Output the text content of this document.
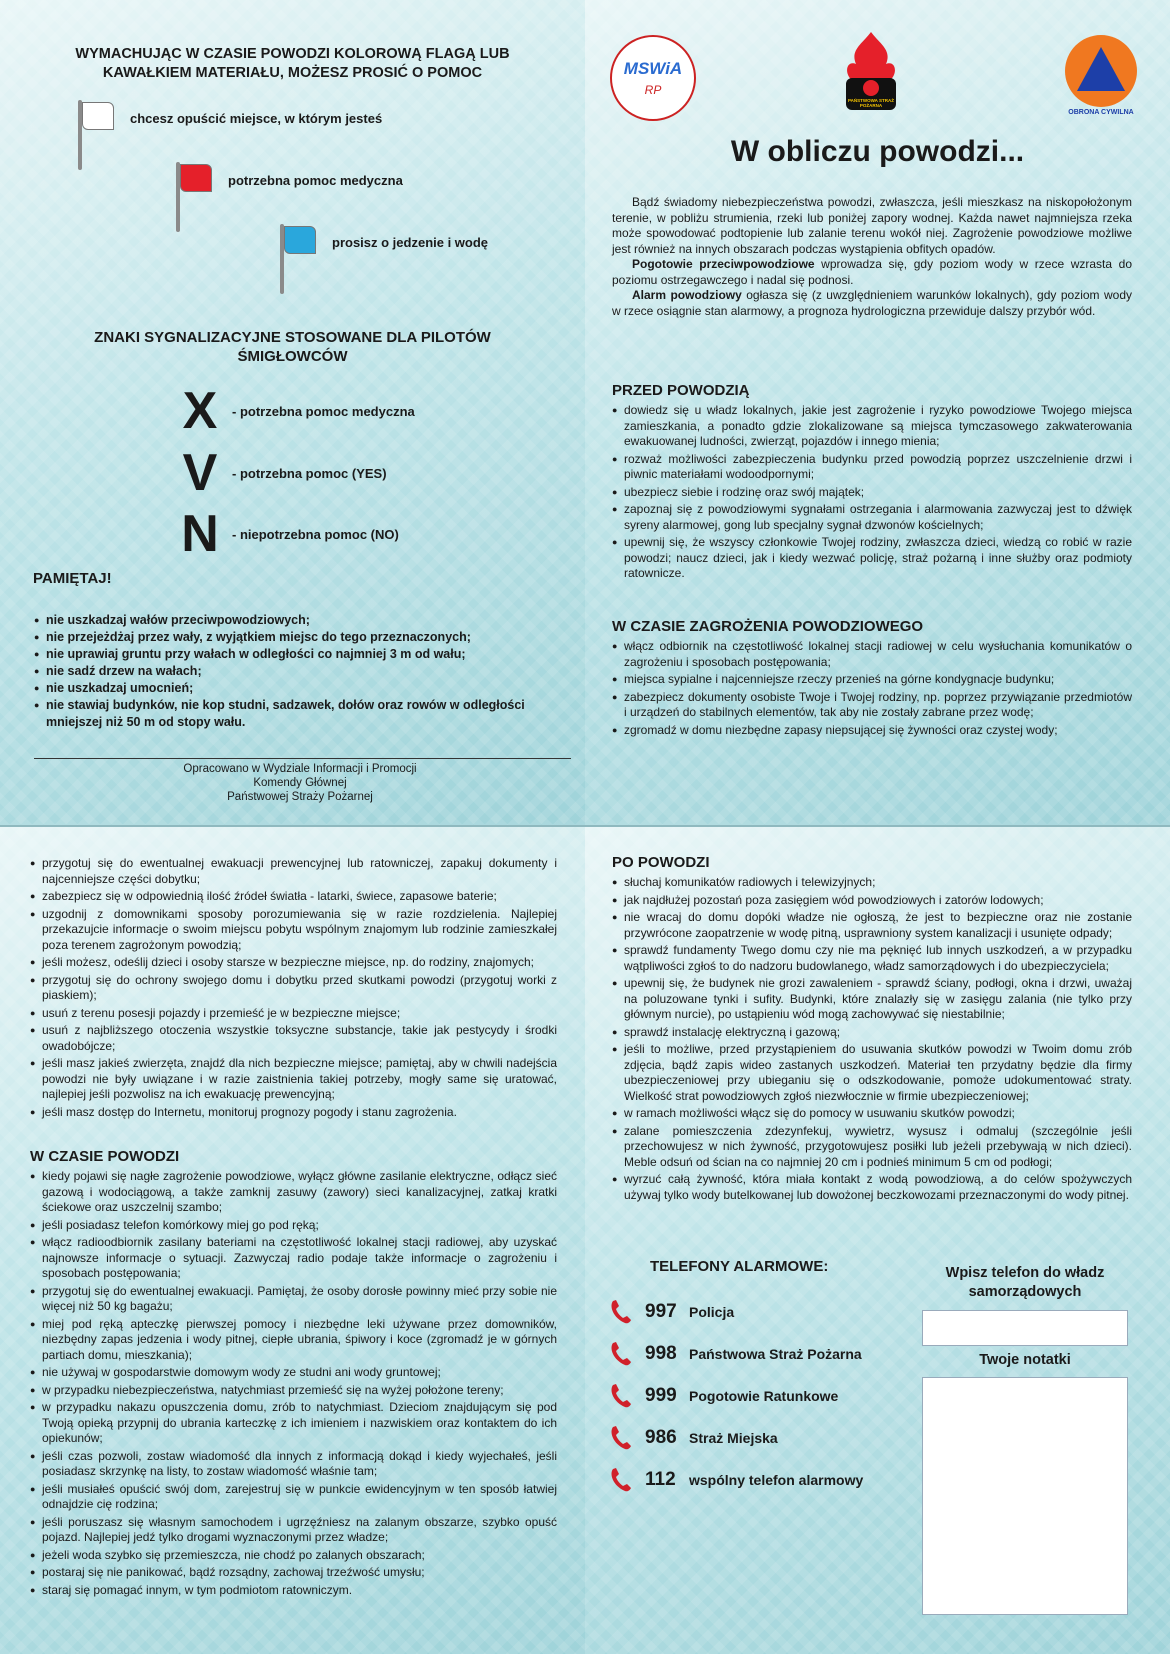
WYMACHUJĄC W CZASIE POWODZI KOLOROWĄ FLAGĄ LUB KAWAŁKIEM MATERIAŁU, MOŻESZ PROSIĆ O POMOC
chcesz opuścić miejsce, w którym jesteś
potrzebna pomoc medyczna
prosisz o jedzenie i wodę
ZNAKI SYGNALIZACYJNE STOSOWANE DLA PILOTÓW ŚMIGŁOWCÓW
X - potrzebna pomoc medyczna
V - potrzebna pomoc (YES)
N - niepotrzebna pomoc (NO)
PAMIĘTAJ!
● nie uszkadzaj wałów przeciwpowodziowych;
● nie przejeżdżaj przez wały, z wyjątkiem miejsc do tego przeznaczonych;
● nie uprawiaj gruntu przy wałach w odległości co najmniej 3 m od wału;
● nie sadź drzew na wałach;
● nie uszkadzaj umocnień;
● nie stawiaj budynków, nie kop studni, sadzawek, dołów oraz rowów w odległości mniejszej niż 50 m od stopy wału.
Opracowano w Wydziale Informacji i Promocji
Komendy Głównej
Państwowej Straży Pożarnej
MSWiA
RP
PAŃSTWOWA STRAŻ POŻARNA
OBRONA CYWILNA
W obliczu powodzi...

Bądź świadomy niebezpieczeństwa powodzi, zwłaszcza, jeśli mieszkasz na niskopołożonym terenie, w pobliżu strumienia, rzeki lub poniżej zapory wodnej. Każda nawet najmniejsza rzeka może spowodować podtopienie lub zalanie terenu wokół niej. Zagrożenie powodziowe możliwe jest również na innych obszarach podczas wystąpienia obfitych opadów.

Pogotowie przeciwpowodziowe wprowadza się, gdy poziom wody w rzece wzrasta do poziomu ostrzegawczego i nadal się podnosi.

Alarm powodziowy ogłasza się (z uwzględnieniem warunków lokalnych), gdy poziom wody w rzece osiągnie stan alarmowy, a prognoza hydrologiczna przewiduje dalszy przybór wód.

PRZED POWODZIĄ
● dowiedz się u władz lokalnych, jakie jest zagrożenie i ryzyko powodziowe Twojego miejsca zamieszkania, a ponadto gdzie zlokalizowane są miejsca tymczasowego zakwaterowania ewakuowanej ludności, zwierząt, pojazdów i innego mienia;
● rozważ możliwości zabezpieczenia budynku przed powodzią poprzez uszczelnienie drzwi i piwnic materiałami wodoodpornymi;
● ubezpiecz siebie i rodzinę oraz swój majątek;
● zapoznaj się z powodziowymi sygnałami ostrzegania i alarmowania zazwyczaj jest to dźwięk syreny alarmowej, gong lub specjalny sygnał dzwonów kościelnych;
● upewnij się, że wszyscy członkowie Twojej rodziny, zwłaszcza dzieci, wiedzą co robić w razie powodzi; naucz dzieci, jak i kiedy wezwać policję, straż pożarną i inne służby oraz podmioty ratownicze.
W CZASIE ZAGROŻENIA POWODZIOWEGO
● włącz odbiornik na częstotliwość lokalnej stacji radiowej w celu wysłuchania komunikatów o zagrożeniu i sposobach postępowania;
● miejsca sypialne i najcenniejsze rzeczy przenieś na górne kondygnacje budynku;
● zabezpiecz dokumenty osobiste Twoje i Twojej rodziny, np. poprzez przywiązanie przedmiotów i urządzeń do stabilnych elementów, tak aby nie zostały zabrane przez wodę;
● zgromadź w domu niezbędne zapasy niepsującej się żywności oraz czystej wody;
● przygotuj się do ewentualnej ewakuacji prewencyjnej lub ratowniczej, zapakuj dokumenty i najcenniejsze części dobytku;
● zabezpiecz się w odpowiednią ilość źródeł światła - latarki, świece, zapasowe baterie;
● uzgodnij z domownikami sposoby porozumiewania się w razie rozdzielenia. Najlepiej przekazujcie informacje o swoim miejscu pobytu wspólnym znajomym lub rodzinie zamieszkałej poza terenem zagrożonym powodzią;
● jeśli możesz, odeślij dzieci i osoby starsze w bezpieczne miejsce, np. do rodziny, znajomych;
● przygotuj się do ochrony swojego domu i dobytku przed skutkami powodzi (przygotuj worki z piaskiem);
● usuń z terenu posesji pojazdy i przemieść je w bezpieczne miejsce;
● usuń z najbliższego otoczenia wszystkie toksyczne substancje, takie jak pestycydy i środki owadobójcze;
● jeśli masz jakieś zwierzęta, znajdź dla nich bezpieczne miejsce; pamiętaj, aby w chwili nadejścia powodzi nie były uwiązane i w razie zaistnienia takiej potrzeby, mogły same się uratować, najlepiej jeśli pozwolisz na ich ewakuację prewencyjną;
● jeśli masz dostęp do Internetu, monitoruj prognozy pogody i stanu zagrożenia.
W CZASIE POWODZI
● kiedy pojawi się nagłe zagrożenie powodziowe, wyłącz główne zasilanie elektryczne, odłącz sieć gazową i wodociągową, a także zamknij zasuwy (zawory) sieci kanalizacyjnej, zatkaj kratki ściekowe oraz uszczelnij szambo;
● jeśli posiadasz telefon komórkowy miej go pod ręką;
● włącz radioodbiornik zasilany bateriami na częstotliwość lokalnej stacji radiowej, aby uzyskać najnowsze informacje o sytuacji. Zazwyczaj radio podaje także informacje o zagrożeniu i sposobach postępowania;
● przygotuj się do ewentualnej ewakuacji. Pamiętaj, że osoby dorosłe powinny mieć przy sobie nie więcej niż 50 kg bagażu;
● miej pod ręką apteczkę pierwszej pomocy i niezbędne leki używane przez domowników, niezbędny zapas jedzenia i wody pitnej, ciepłe ubrania, śpiwory i koce (zgromadź je w górnych partiach domu, mieszkania);
● nie używaj w gospodarstwie domowym wody ze studni ani wody gruntowej;
● w przypadku niebezpieczeństwa, natychmiast przemieść się na wyżej położone tereny;
● w przypadku nakazu opuszczenia domu, zrób to natychmiast. Dzieciom znajdującym się pod Twoją opieką przypnij do ubrania karteczkę z ich imieniem i nazwiskiem oraz kontaktem do ich opiekunów;
● jeśli czas pozwoli, zostaw wiadomość dla innych z informacją dokąd i kiedy wyjechałeś, jeśli posiadasz skrzynkę na listy, to zostaw wiadomość właśnie tam;
● jeśli musiałeś opuścić swój dom, zarejestruj się w punkcie ewidencyjnym w ten sposób łatwiej odnajdzie cię rodzina;
● jeśli poruszasz się własnym samochodem i ugrzęźniesz na zalanym obszarze, szybko opuść pojazd. Najlepiej jedź tylko drogami wyznaczonymi przez władze;
● jeżeli woda szybko się przemieszcza, nie chodź po zalanych obszarach;
● postaraj się nie panikować, bądź rozsądny, zachowaj trzeźwość umysłu;
● staraj się pomagać innym, w tym podmiotom ratowniczym.
PO POWODZI
● słuchaj komunikatów radiowych i telewizyjnych;
● jak najdłużej pozostań poza zasięgiem wód powodziowych i zatorów lodowych;
● nie wracaj do domu dopóki władze nie ogłoszą, że jest to bezpieczne oraz nie zostanie przywrócone zaopatrzenie w wodę pitną, usprawniony system kanalizacji i usunięte odpady;
● sprawdź fundamenty Twego domu czy nie ma pęknięć lub innych uszkodzeń, a w przypadku wątpliwości zgłoś to do nadzoru budowlanego, władz samorządowych i do ubezpieczyciela;
● upewnij się, że budynek nie grozi zawaleniem - sprawdź ściany, podłogi, okna i drzwi, uważaj na poluzowane tynki i sufity. Budynki, które znalazły się w zasięgu zalania (nie tylko przy głównym nurcie), po ustąpieniu wód mogą zachowywać się niestabilnie;
● sprawdź instalację elektryczną i gazową;
● jeśli to możliwe, przed przystąpieniem do usuwania skutków powodzi w Twoim domu zrób zdjęcia, bądź zapis wideo zastanych uszkodzeń. Materiał ten przydatny będzie dla firmy ubezpieczeniowej przy ubieganiu się o odszkodowanie, pomoże udokumentować straty. Wielkość strat powodziowych zgłoś niezwłocznie w firmie ubezpieczeniowej;
● w ramach możliwości włącz się do pomocy w usuwaniu skutków powodzi;
● zalane pomieszczenia zdezynfekuj, wywietrz, wysusz i odmaluj (szczególnie jeśli przechowujesz w nich żywność, przygotowujesz posiłki lub jeżeli przebywają w nich dzieci). Meble odsuń od ścian na co najmniej 20 cm i podnieś minimum 5 cm od podłogi;
● wyrzuć całą żywność, która miała kontakt z wodą powodziową, a do celów spożywczych używaj tylko wody butelkowanej lub dowożonej beczkowozami przeznaczonymi do wody pitnej.
TELEFONY ALARMOWE:
997 Policja
998 Państwowa Straż Pożarna
999 Pogotowie Ratunkowe
986 Straż Miejska
112 wspólny telefon alarmowy
Wpisz telefon do władz samorządowych
Twoje notatki
